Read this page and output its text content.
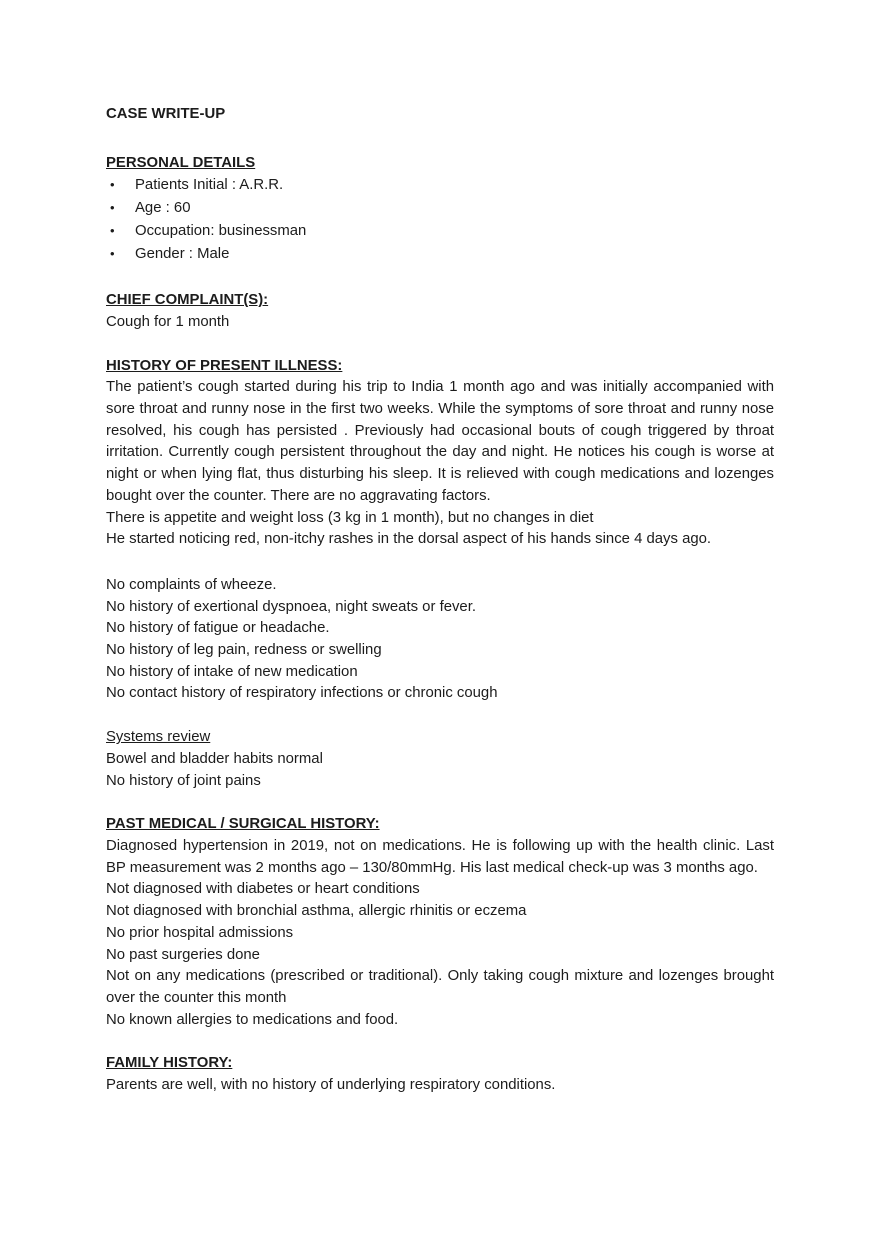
CASE WRITE-UP
PERSONAL DETAILS
•	Patients Initial : A.R.R.
•	Age : 60
•	Occupation: businessman
•	Gender : Male
CHIEF COMPLAINT(S):
Cough for 1 month
HISTORY OF PRESENT ILLNESS:

The patient’s cough started during his trip to India 1 month ago and was initially accompanied with sore throat and runny nose in the first two weeks. While the symptoms of sore throat and runny nose resolved, his cough has persisted . Previously had occasional bouts of cough triggered by throat irritation. Currently cough persistent throughout the day and night. He notices his cough is worse at night or when lying flat, thus disturbing his sleep. It is relieved with cough medications and lozenges bought over the counter. There are no aggravating factors.

There is appetite and weight loss (3 kg in 1 month), but no changes in diet
He started noticing red, non-itchy rashes in the dorsal aspect of his hands since 4 days ago.
No complaints of wheeze.
No history of exertional dyspnoea, night sweats or fever.
No history of fatigue or headache.
No history of leg pain, redness or swelling
No history of intake of new medication
No contact history of respiratory infections or chronic cough
Systems review
Bowel and bladder habits normal
No history of joint pains
PAST MEDICAL / SURGICAL HISTORY:

Diagnosed hypertension in 2019, not on medications. He is following up with the health clinic. Last BP measurement was 2 months ago – 130/80mmHg. His last medical check-up was 3 months ago.

Not diagnosed with diabetes or heart conditions
Not diagnosed with bronchial asthma, allergic rhinitis or eczema
No prior hospital admissions
No past surgeries done
Not on any medications (prescribed or traditional). Only taking cough mixture and lozenges brought over the counter this month
No known allergies to medications and food.
FAMILY HISTORY:
Parents are well, with no history of underlying respiratory conditions.
